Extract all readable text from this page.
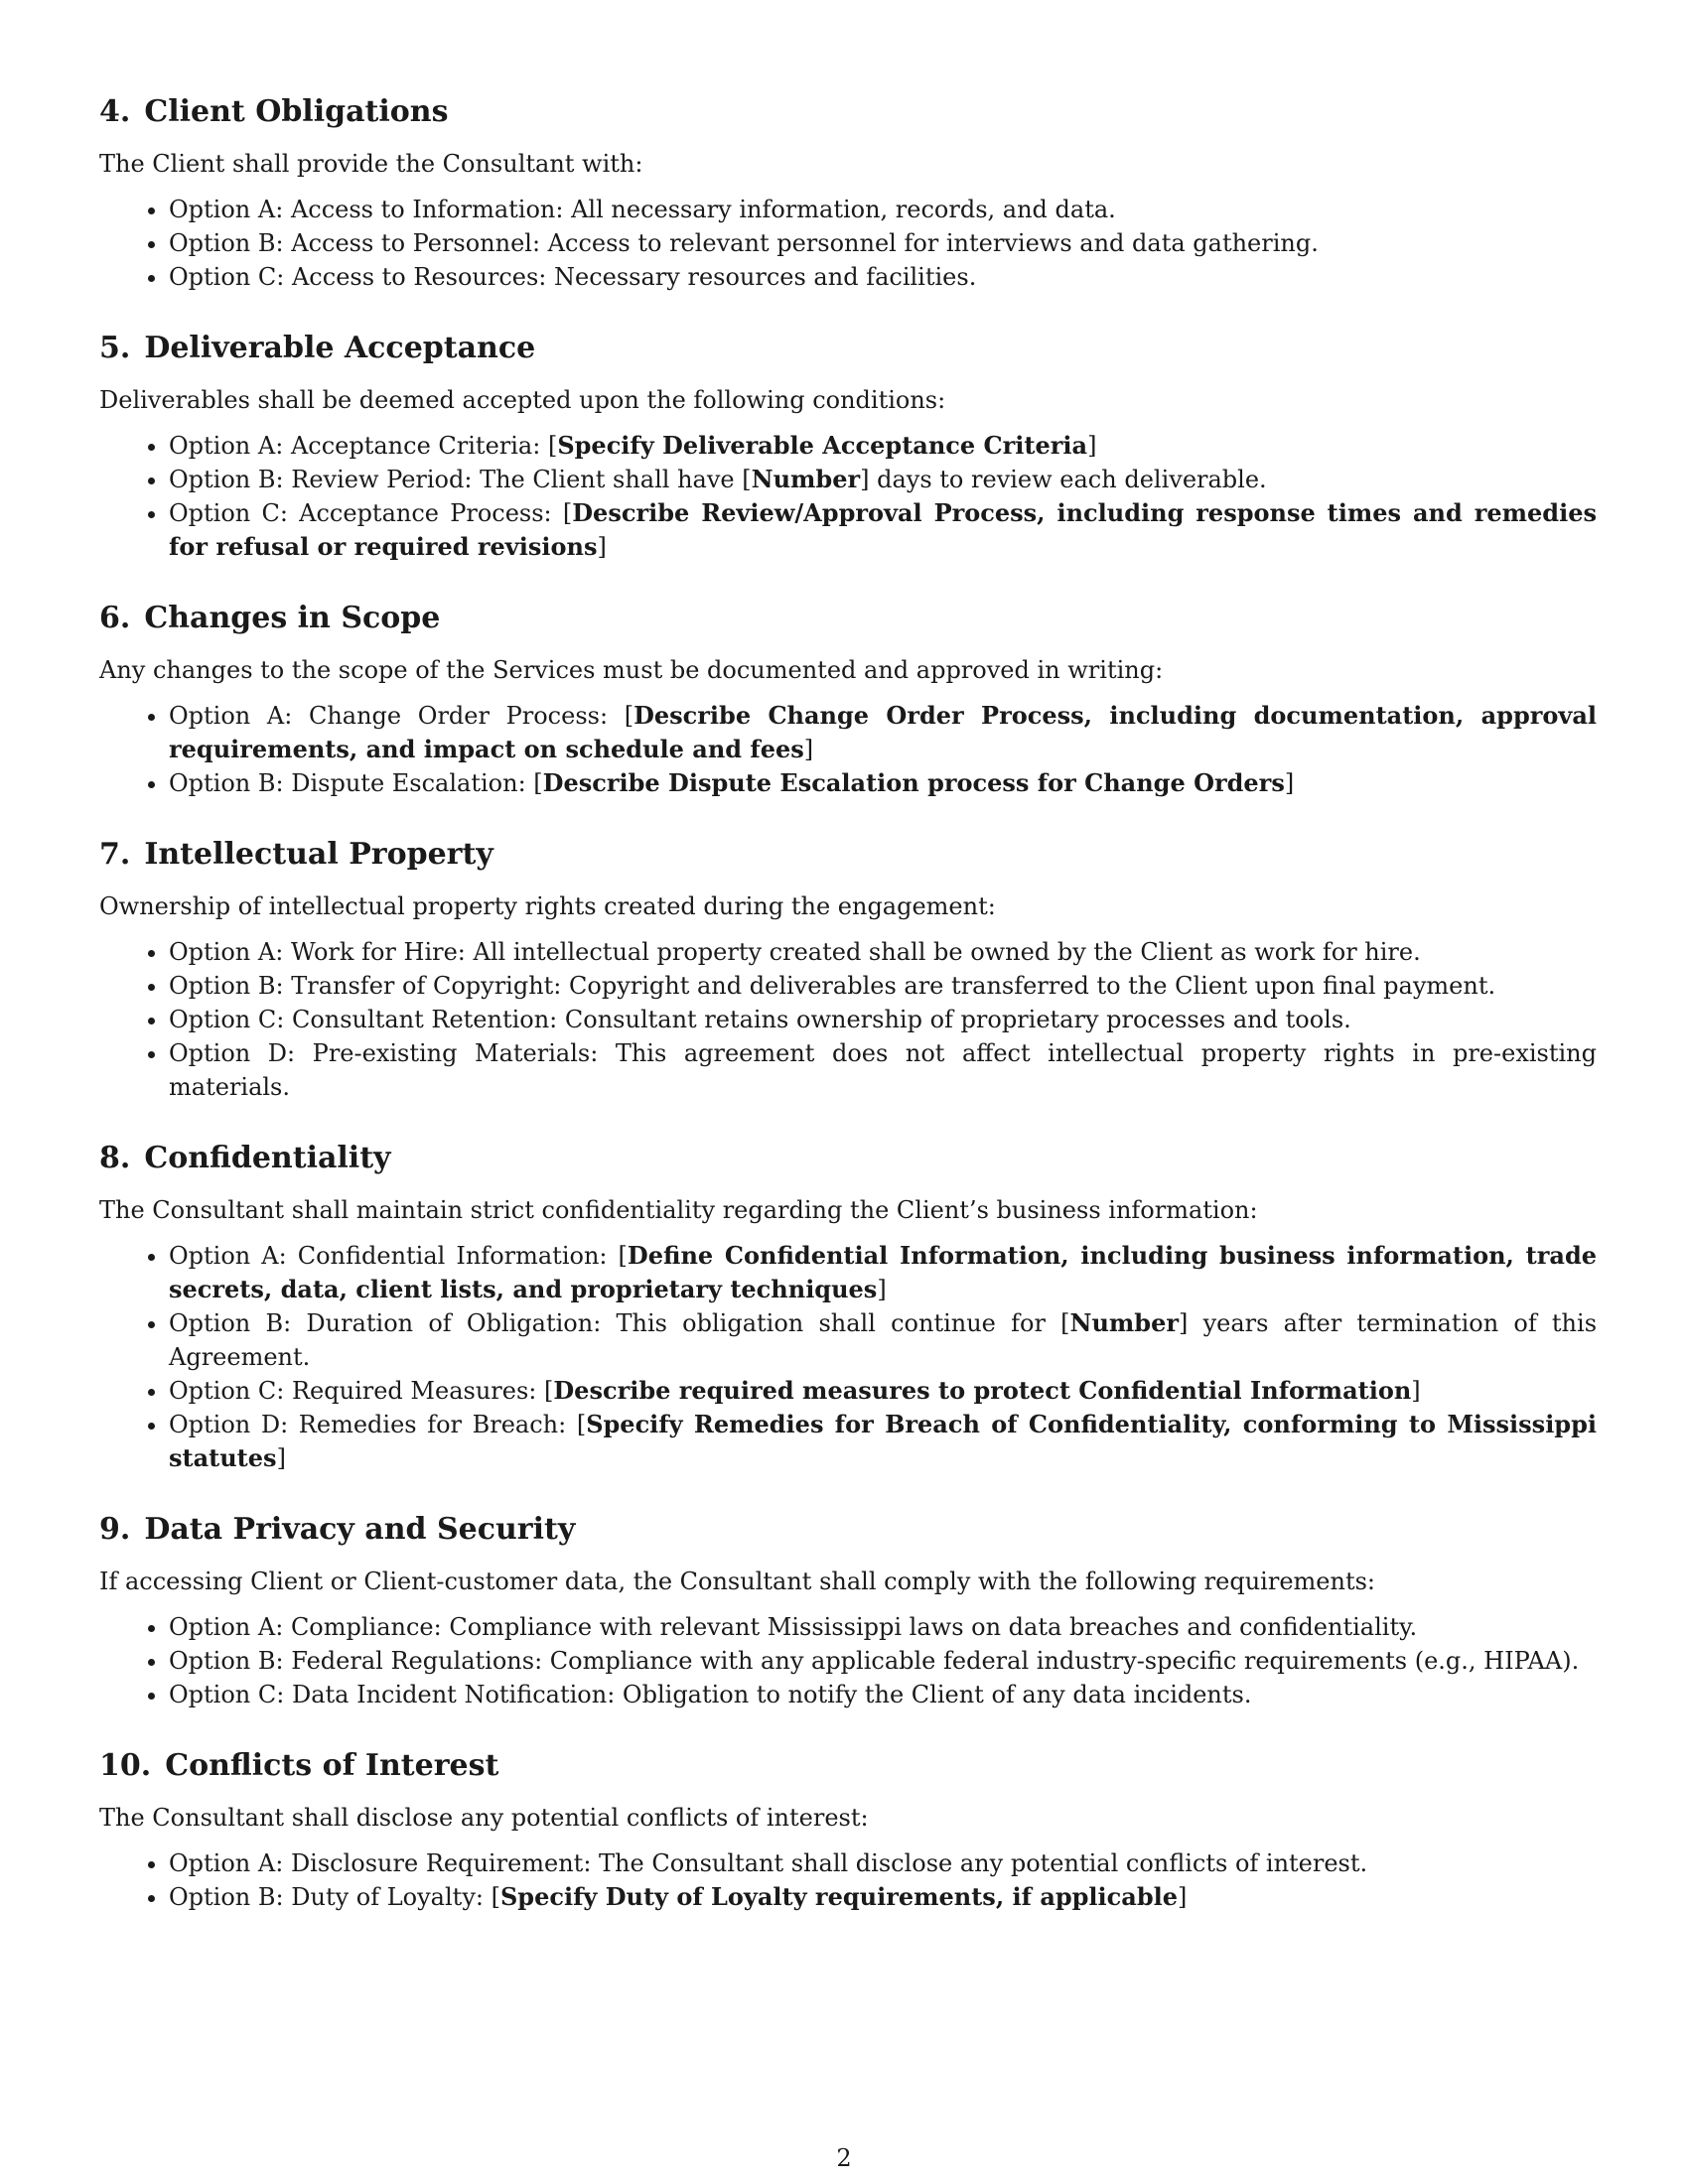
4. Client Obligations

The Client shall provide the Consultant with:

• Option A: Access to Information: All necessary information, records, and data.
• Option B: Access to Personnel: Access to relevant personnel for interviews and data gathering.
• Option C: Access to Resources: Necessary resources and facilities.
5. Deliverable Acceptance

Deliverables shall be deemed accepted upon the following conditions:

• Option A: Acceptance Criteria: [Specify Deliverable Acceptance Criteria]
• Option B: Review Period: The Client shall have [Number] days to review each deliverable.
• Option C: Acceptance Process: [Describe Review/Approval Process, including response times and remedies for refusal or required revisions]
6. Changes in Scope

Any changes to the scope of the Services must be documented and approved in writing:

• Option A: Change Order Process: [Describe Change Order Process, including documentation, approval requirements, and impact on schedule and fees]
• Option B: Dispute Escalation: [Describe Dispute Escalation process for Change Orders]
7. Intellectual Property

Ownership of intellectual property rights created during the engagement:

• Option A: Work for Hire: All intellectual property created shall be owned by the Client as work for hire.
• Option B: Transfer of Copyright: Copyright and deliverables are transferred to the Client upon final payment.
• Option C: Consultant Retention: Consultant retains ownership of proprietary processes and tools.
• Option D: Pre-existing Materials: This agreement does not affect intellectual property rights in pre-existing materials.
8. Confidentiality

The Consultant shall maintain strict confidentiality regarding the Client’s business information:

• Option A: Confidential Information: [Define Confidential Information, including business information, trade secrets, data, client lists, and proprietary techniques]
• Option B: Duration of Obligation: This obligation shall continue for [Number] years after termination of this Agreement.
• Option C: Required Measures: [Describe required measures to protect Confidential Information]
• Option D: Remedies for Breach: [Specify Remedies for Breach of Confidentiality, conforming to Mississippi statutes]
9. Data Privacy and Security

If accessing Client or Client-customer data, the Consultant shall comply with the following requirements:

• Option A: Compliance: Compliance with relevant Mississippi laws on data breaches and confidentiality.
• Option B: Federal Regulations: Compliance with any applicable federal industry-specific requirements (e.g., HIPAA).
• Option C: Data Incident Notification: Obligation to notify the Client of any data incidents.
10. Conflicts of Interest

The Consultant shall disclose any potential conflicts of interest:

• Option A: Disclosure Requirement: The Consultant shall disclose any potential conflicts of interest.
• Option B: Duty of Loyalty: [Specify Duty of Loyalty requirements, if applicable]
2
